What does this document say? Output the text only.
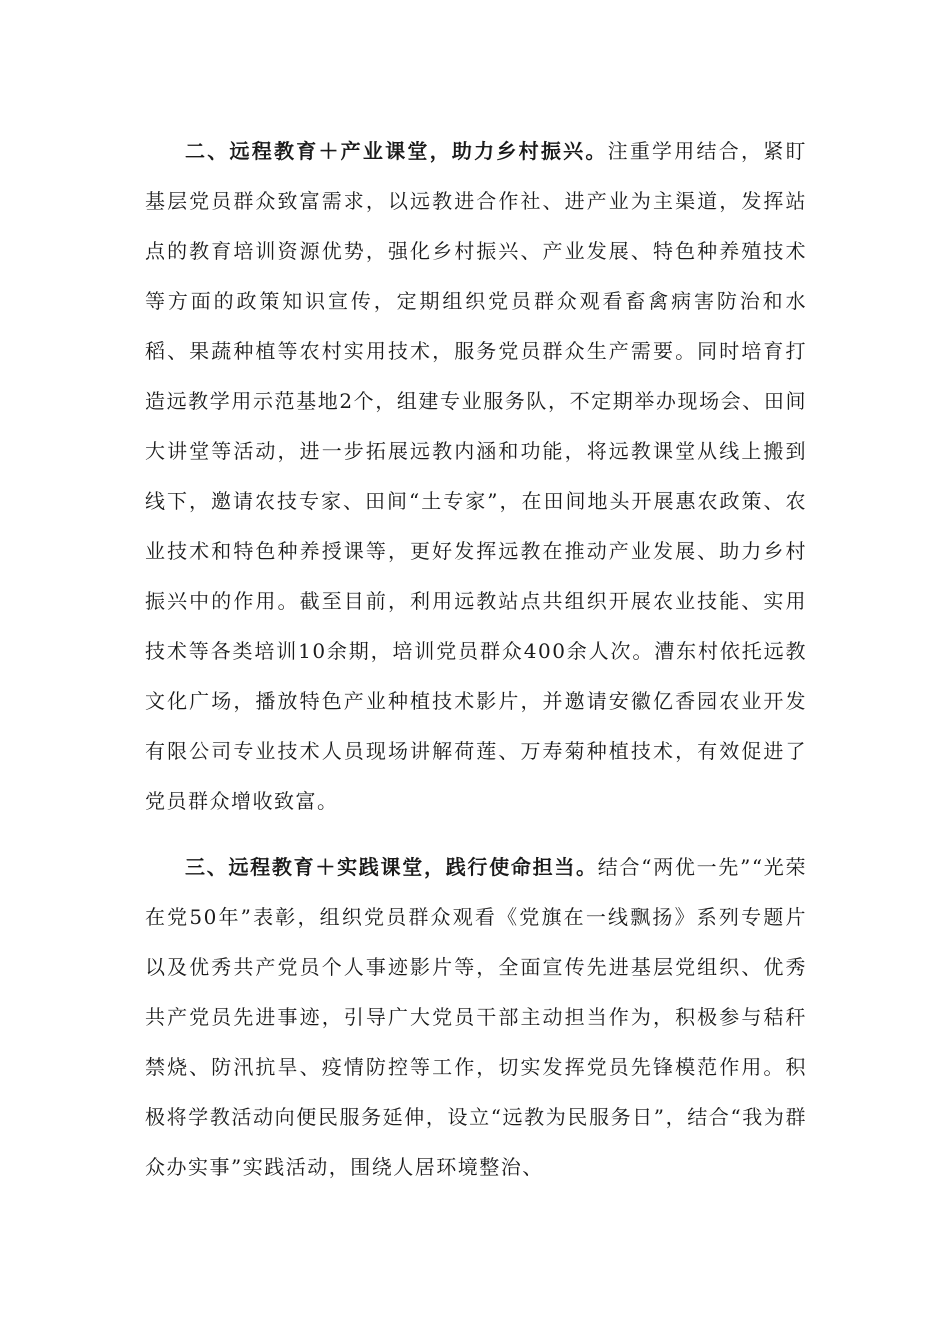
二、远程教育＋产业课堂，助力乡村振兴。注重学用结合，紧盯基层党员群众致富需求，以远教进合作社、进产业为主渠道，发挥站点的教育培训资源优势，强化乡村振兴、产业发展、特色种养殖技术等方面的政策知识宣传，定期组织党员群众观看畜禽病害防治和水稻、果蔬种植等农村实用技术，服务党员群众生产需要。同时培育打造远教学用示范基地2个，组建专业服务队，不定期举办现场会、田间大讲堂等活动，进一步拓展远教内涵和功能，将远教课堂从线上搬到线下，邀请农技专家、田间“土专家”，在田间地头开展惠农政策、农业技术和特色种养授课等，更好发挥远教在推动产业发展、助力乡村振兴中的作用。截至目前，利用远教站点共组织开展农业技能、实用技术等各类培训10余期，培训党员群众400余人次。漕东村依托远教文化广场，播放特色产业种植技术影片，并邀请安徽亿香园农业开发有限公司专业技术人员现场讲解荷莲、万寿菊种植技术，有效促进了党员群众增收致富。

三、远程教育＋实践课堂，践行使命担当。结合“两优一先”“光荣在党50年”表彰，组织党员群众观看《党旗在一线飘扬》系列专题片以及优秀共产党员个人事迹影片等，全面宣传先进基层党组织、优秀共产党员先进事迹，引导广大党员干部主动担当作为，积极参与秸秆禁烧、防汛抗旱、疫情防控等工作，切实发挥党员先锋模范作用。积极将学教活动向便民服务延伸，设立“远教为民服务日”，结合“我为群众办实事”实践活动，围绕人居环境整治、
